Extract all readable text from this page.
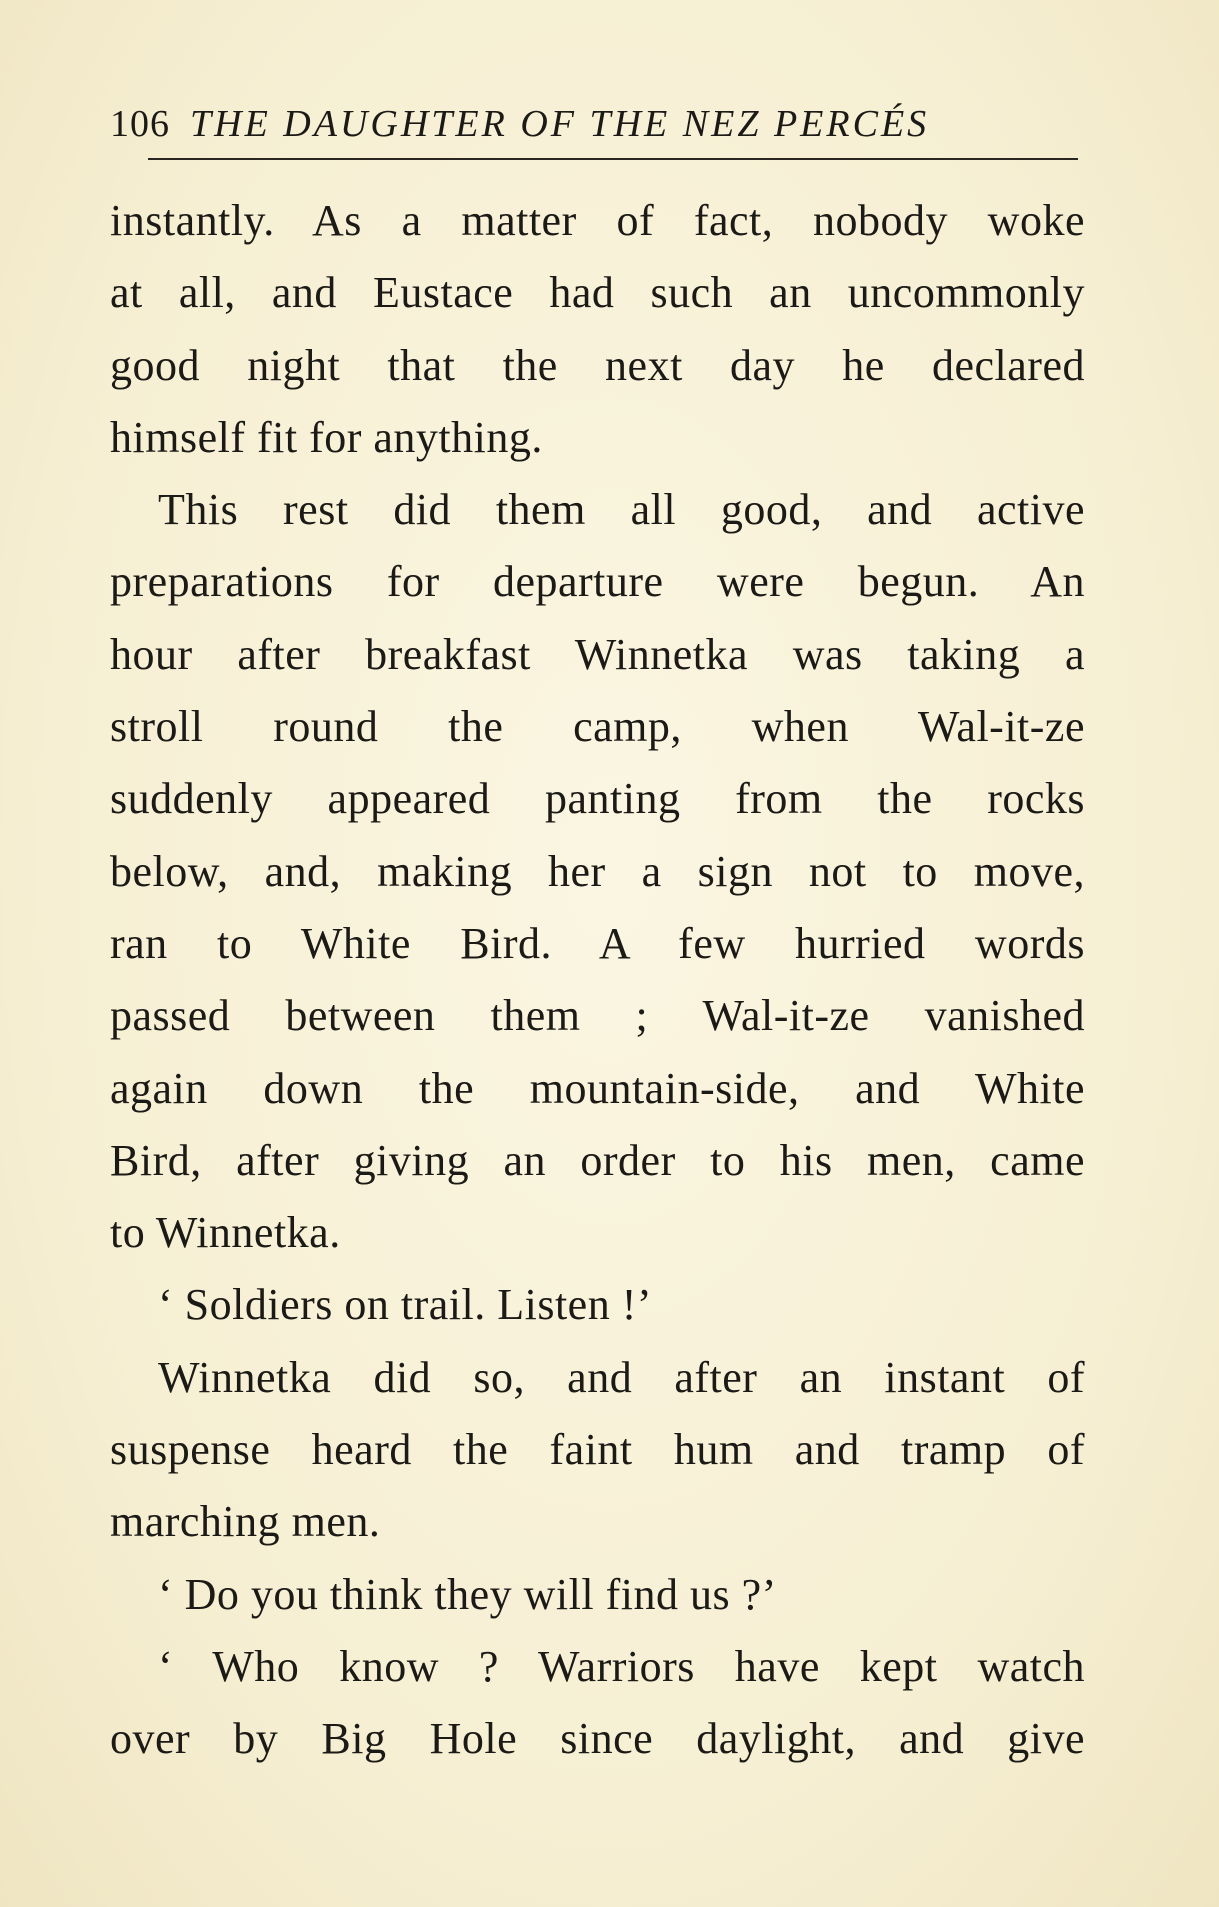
106 THE DAUGHTER OF THE NEZ PERCÉS
instantly. As a matter of fact, nobody woke
at all, and Eustace had such an uncommonly
good night that the next day he declared
himself fit for anything.
This rest did them all good, and active
preparations for departure were begun. An
hour after breakfast Winnetka was taking a
stroll round the camp, when Wal-it-ze
suddenly appeared panting from the rocks
below, and, making her a sign not to move,
ran to White Bird. A few hurried words
passed between them ; Wal-it-ze vanished
again down the mountain-side, and White
Bird, after giving an order to his men, came
to Winnetka.
‘ Soldiers on trail. Listen !’
Winnetka did so, and after an instant of
suspense heard the faint hum and tramp of
marching men.
‘ Do you think they will find us ?’
‘ Who know ? Warriors have kept watch
over by Big Hole since daylight, and give
